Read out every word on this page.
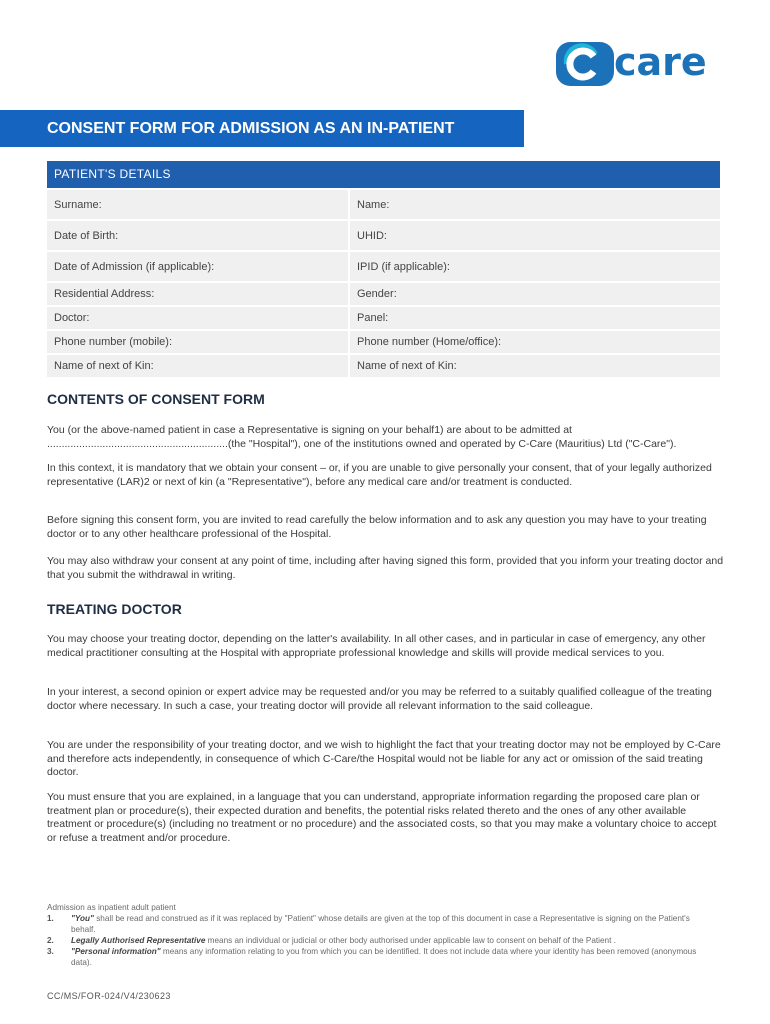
care
CONSENT FORM FOR ADMISSION AS AN IN-PATIENT
PATIENT'S DETAILS
Surname:	Name:
Date of Birth:	UHID:
Date of Admission (if applicable):	IPID (if applicable):
Residential Address:	Gender:
Doctor:	Panel:
Phone number (mobile):	Phone number (Home/office):
Name of next of Kin:	Name of next of Kin:
CONTENTS OF CONSENT FORM
You (or the above-named patient in case a Representative is signing on your behalf1) are about to be admitted at ..............................................................(the "Hospital"), one of the institutions owned and operated by C-Care (Mauritius) Ltd ("C-Care").
In this context, it is mandatory that we obtain your consent – or, if you are unable to give personally your consent, that of your legally authorized representative (LAR)2 or next of kin (a "Representative"), before any medical care and/or treatment is conducted.
Before signing this consent form, you are invited to read carefully the below information and to ask any question you may have to your treating doctor or to any other healthcare professional of the Hospital.
You may also withdraw your consent at any point of time, including after having signed this form, provided that you inform your treating doctor and that you submit the withdrawal in writing.
TREATING DOCTOR
You may choose your treating doctor, depending on the latter's availability. In all other cases, and in particular in case of emergency, any other medical practitioner consulting at the Hospital with appropriate professional knowledge and skills will provide medical services to you.
In your interest, a second opinion or expert advice may be requested and/or you may be referred to a suitably qualified colleague of the treating doctor where necessary. In such a case, your treating doctor will provide all relevant information to the said colleague.
You are under the responsibility of your treating doctor, and we wish to highlight the fact that your treating doctor may not be employed by C-Care and therefore acts independently, in consequence of which C-Care/the Hospital would not be liable for any act or omission of the said treating doctor.
You must ensure that you are explained, in a language that you can understand, appropriate information regarding the proposed care plan or treatment plan or procedure(s), their expected duration and benefits, the potential risks related thereto and the ones of any other available treatment or procedure(s) (including no treatment or no procedure) and the associated costs, so that you may make a voluntary choice to accept or refuse a treatment and/or procedure.
Admission as inpatient adult patient
1.	"You" shall be read and construed as if it was replaced by "Patient" whose details are given at the top of this document in case a Representative is signing on the Patient's behalf.
2.	Legally Authorised Representative means an individual or judicial or other body authorised under applicable law to consent on behalf of the Patient .
3.	"Personal information" means any information relating to you from which you can be identified. It does not include data where your identity has been removed (anonymous data).
CC/MS/FOR-024/V4/230623
